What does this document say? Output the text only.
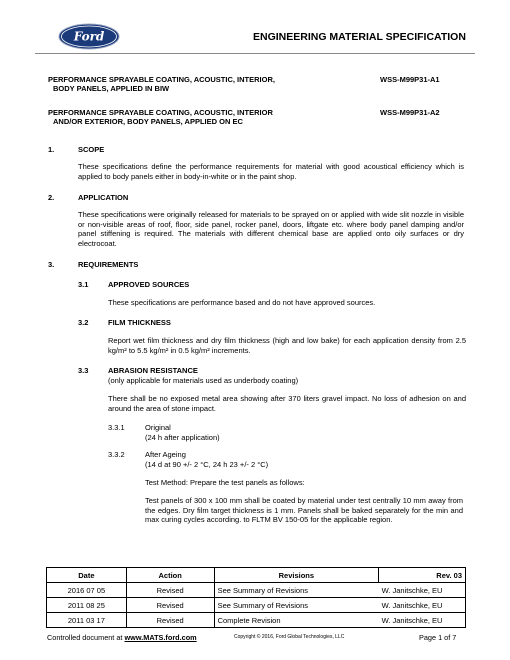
Ford	ENGINEERING MATERIAL SPECIFICATION
PERFORMANCE SPRAYABLE COATING, ACOUSTIC, INTERIOR,
BODY PANELS, APPLIED IN BIW
WSS-M99P31-A1
PERFORMANCE SPRAYABLE COATING, ACOUSTIC, INTERIOR
AND/OR EXTERIOR, BODY PANELS, APPLIED ON EC
WSS-M99P31-A2
1.	SCOPE
These specifications define the performance requirements for material with good acoustical efficiency which is applied to body panels either in body-in-white or in the paint shop.
2.	APPLICATION
These specifications were originally released for materials to be sprayed on or applied with wide slit nozzle in visible or non-visible areas of roof, floor, side panel, rocker panel, doors, liftgate etc. where body panel damping and/or panel stiffening is required. The materials with different chemical base are applied onto oily surfaces or dry electrocoat.
3.	REQUIREMENTS
3.1	APPROVED SOURCES
These specifications are performance based and do not have approved sources.
3.2	FILM THICKNESS
Report wet film thickness and dry film thickness (high and low bake) for each application density from 2.5 kg/m² to 5.5 kg/m² in 0.5 kg/m² increments.
3.3	ABRASION RESISTANCE
(only applicable for materials used as underbody coating)
There shall be no exposed metal area showing after 370 liters gravel impact. No loss of adhesion on and around the area of stone impact.
3.3.1	Original
(24 h after application)
3.3.2	After Ageing
(14 d at 90 +/- 2 °C, 24 h 23 +/- 2 °C)
Test Method: Prepare the test panels as follows:
Test panels of 300 x 100 mm shall be coated by material under test centrally 10 mm away from the edges. Dry film target thickness is 1 mm. Panels shall be baked separately for the min and max curing cycles according. to FLTM BV 150-05 for the applicable region.
Date	Action	Revisions	Rev. 03
2016 07 05	Revised	See Summary of Revisions	W. Janitschke, EU
2011 08 25	Revised	See Summary of Revisions	W. Janitschke, EU
2011 03 17	Revised	Complete Revision	W. Janitschke, EU
Controlled document at www.MATS.ford.com	Copyright © 2016, Ford Global Technologies, LLC	Page 1 of 7
